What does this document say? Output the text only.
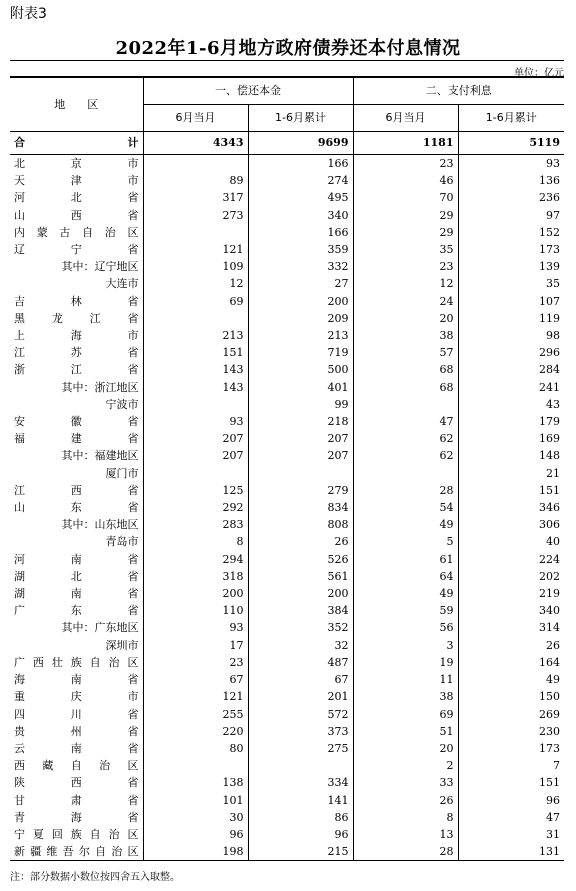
附表3
2022年1-6月地方政府债券还本付息情况
单位：亿元
地　　区	一、偿还本金		二、支付利息	
	6月当月	1-6月累计	6月当月	1-6月累计

合计	4343	9699	1181	5119

北京市		166	23	93

天津市	89	274	46	136

河北省	317	495	70	236

山西省	273	340	29	97

内蒙古自治区		166	29	152

辽宁省	121	359	35	173

其中：辽宁地区	109	332	23	139

大连市	12	27	12	35

吉林省	69	200	24	107

黑龙江省		209	20	119

上海市	213	213	38	98

江苏省	151	719	57	296

浙江省	143	500	68	284

其中：浙江地区	143	401	68	241

宁波市		99		43

安徽省	93	218	47	179

福建省	207	207	62	169

其中：福建地区	207	207	62	148

厦门市				21

江西省	125	279	28	151

山东省	292	834	54	346

其中：山东地区	283	808	49	306

青岛市	8	26	5	40

河南省	294	526	61	224

湖北省	318	561	64	202

湖南省	200	200	49	219

广东省	110	384	59	340

其中：广东地区	93	352	56	314

深圳市	17	32	3	26

广西壮族自治区	23	487	19	164

海南省	67	67	11	49

重庆市	121	201	38	150

四川省	255	572	69	269

贵州省	220	373	51	230

云南省	80	275	20	173

西藏自治区			2	7

陕西省	138	334	33	151

甘肃省	101	141	26	96

青海省	30	86	8	47

宁夏回族自治区	96	96	13	31

新疆维吾尔自治区	198	215	28	131
注：部分数据小数位按四舍五入取整。
